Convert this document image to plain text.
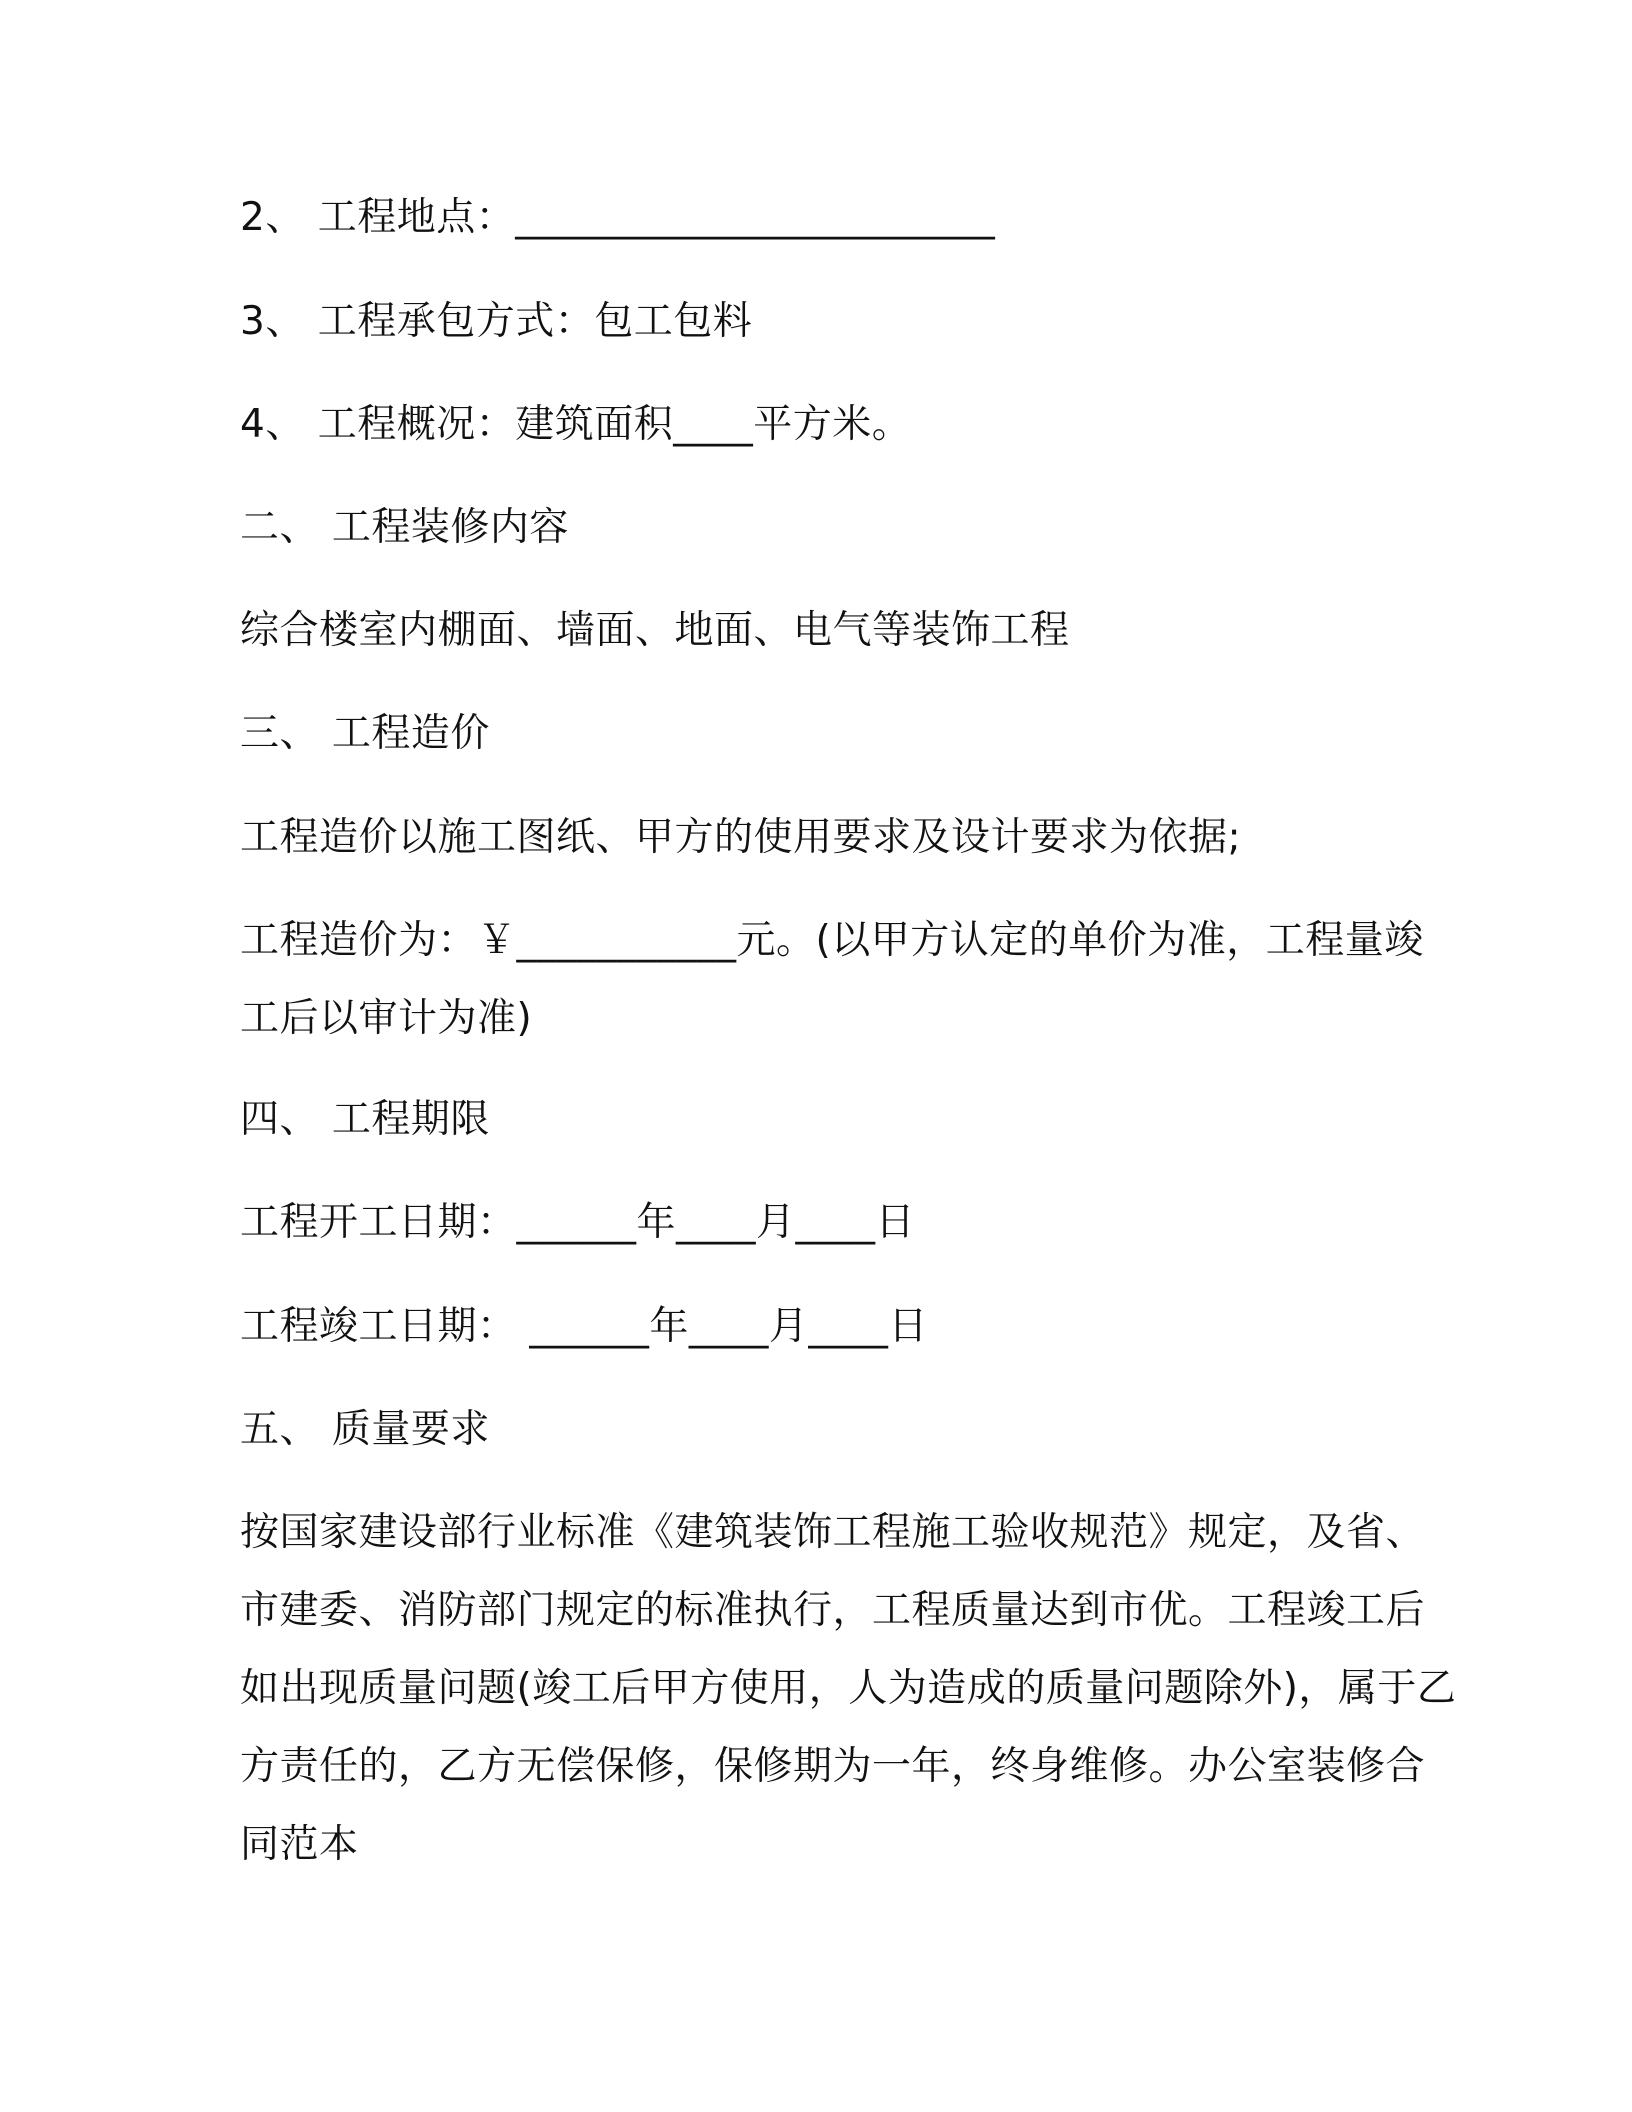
2、 工程地点：________________________
3、 工程承包方式：包工包料
4、 工程概况：建筑面积____平方米。
二、 工程装修内容
综合楼室内棚面、墙面、地面、电气等装饰工程
三、 工程造价
工程造价以施工图纸、甲方的使用要求及设计要求为依据;
工程造价为：￥___________元。(以甲方认定的单价为准，工程量竣
工后以审计为准)
四、 工程期限
工程开工日期：______年____月____日
工程竣工日期： ______年____月____日
五、 质量要求
按国家建设部行业标准《建筑装饰工程施工验收规范》规定，及省、
市建委、消防部门规定的标准执行，工程质量达到市优。工程竣工后
如出现质量问题(竣工后甲方使用，人为造成的质量问题除外)，属于乙
方责任的，乙方无偿保修，保修期为一年，终身维修。办公室装修合
同范本
